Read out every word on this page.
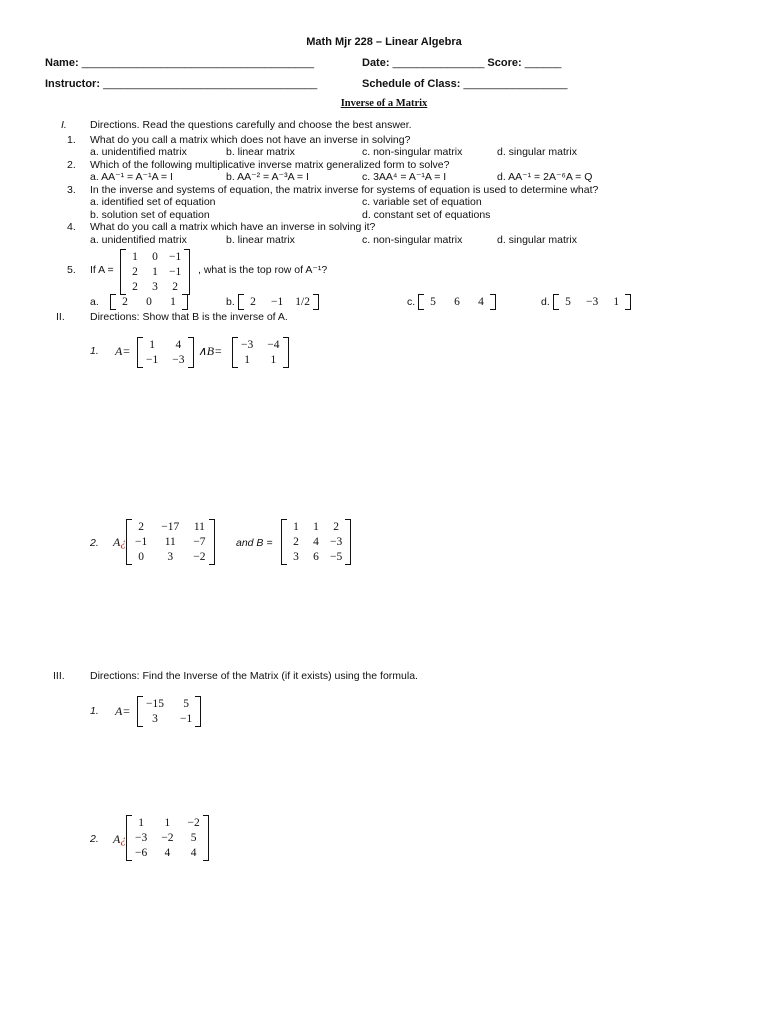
Math Mjr 228 – Linear Algebra
Name: ______________________________________	Date: _______________ Score: ______
Instructor: ___________________________________	Schedule of Class: _________________
Inverse of a Matrix
I. Directions. Read the questions carefully and choose the best answer.
1. What do you call a matrix which does not have an inverse in solving?
a. unidentified matrix	b. linear matrix	c. non-singular matrix	d. singular matrix
2. Which of the following multiplicative inverse matrix generalized form to solve?
a. AA⁻¹ = A⁻¹A = I	b. AA⁻² = A⁻³A = I	c. 3AA⁴ = A⁻¹A = I	d. AA⁻¹ = 2A⁻⁶A = Q
3. In the inverse and systems of equation, the matrix inverse for systems of equation is used to determine what?
a. identified set of equation	c. variable set of equation
b. solution set of equation	d. constant set of equations
4. What do you call a matrix which have an inverse in solving it?
a. unidentified matrix	b. linear matrix	c. non-singular matrix	d. singular matrix
5. If A =
1 0 −1
2 1 −1
2 3 2
, what is the top row of A⁻¹?
a. 2 0 1	b. 2 −1 1/2	c. 5 6 4	d. 5 −3 1
II. Directions: Show that B is the inverse of A.
1. A= 1 4
−1 −3
∧B= −3 −4
1 1
2. A¿
2 −17 11
−1	11	−7
0	3	−2
and B =
1 1 2
2 4 −3
3 6 −5
III. Directions: Find the Inverse of the Matrix (if it exists) using the formula.
1. A= −15 5
3	−1
2. A¿
1 1 −2
−3 −2 5
−6 4 4
